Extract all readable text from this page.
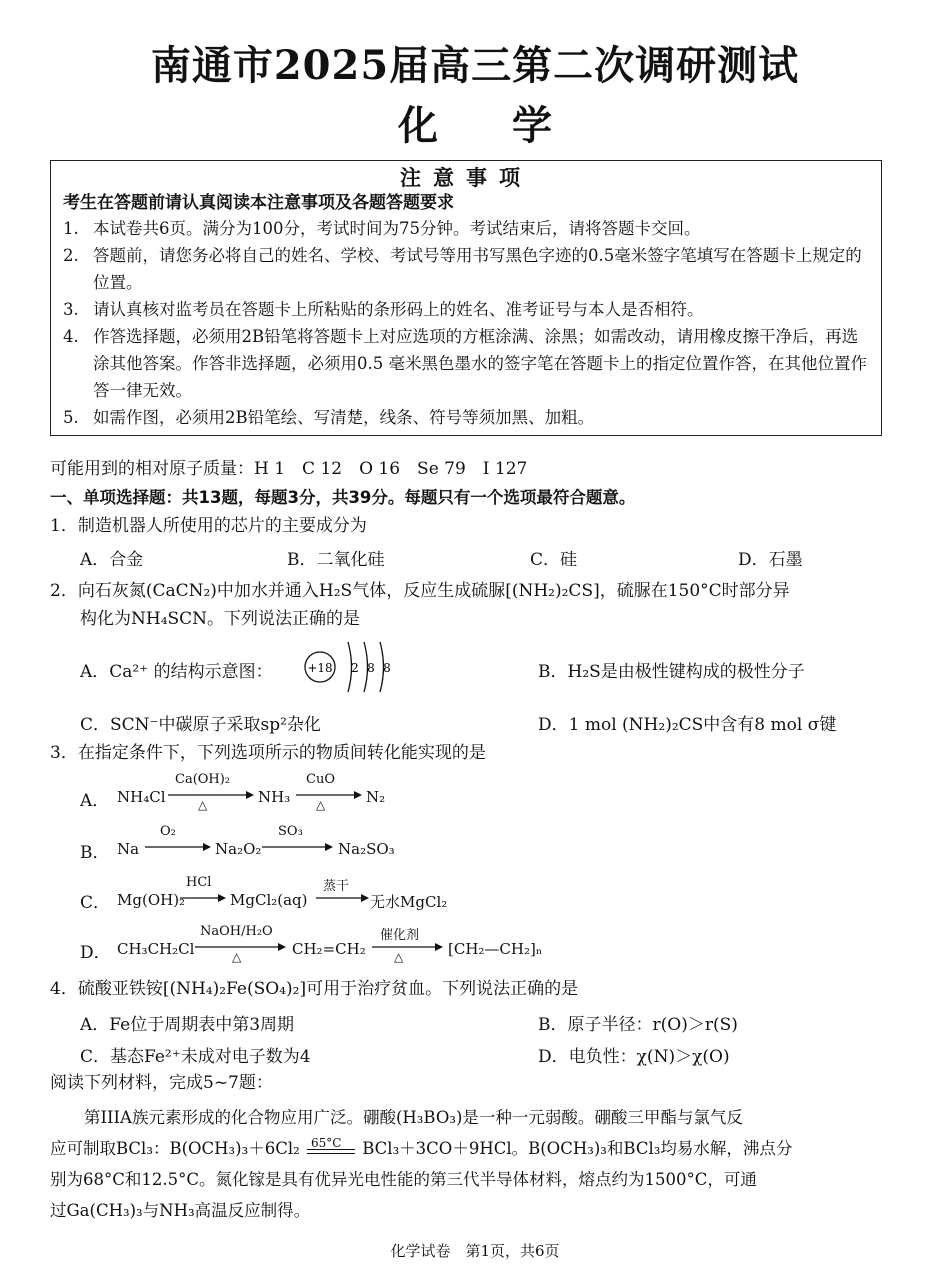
南通市2025届高三第二次调研测试
化 学
注意事项
考生在答题前请认真阅读本注意事项及各题答题要求
1. 本试卷共6页。满分为100分，考试时间为75分钟。考试结束后，请将答题卡交回。
2. 答题前，请您务必将自己的姓名、学校、考试号等用书写黑色字迹的0.5毫米签字笔填写在答题卡上规定的位置。
3. 请认真核对监考员在答题卡上所粘贴的条形码上的姓名、准考证号与本人是否相符。
4. 作答选择题，必须用2B铅笔将答题卡上对应选项的方框涂满、涂黑；如需改动，请用橡皮擦干净后，再选涂其他答案。作答非选择题，必须用0.5 毫米黑色墨水的签字笔在答题卡上的指定位置作答，在其他位置作答一律无效。
5. 如需作图，必须用2B铅笔绘、写清楚，线条、符号等须加黑、加粗。
可能用到的相对原子质量：H 1　C 12　O 16　Se 79　I 127
一、单项选择题：共13题，每题3分，共39分。每题只有一个选项最符合题意。
1．制造机器人所使用的芯片的主要成分为
A．合金	B．二氧化硅	C．硅	D．石墨
2．向石灰氮(CaCN₂)中加水并通入H₂S气体，反应生成硫脲[(NH₂)₂CS]，硫脲在150°C时部分异
构化为NH₄SCN。下列说法正确的是
A．Ca²⁺ 的结构示意图：	+18 2 8 8	B．H₂S是由极性键构成的极性分子
C．SCN⁻中碳原子采取sp²杂化	D．1 mol (NH₂)₂CS中含有8 mol σ键
3．在指定条件下，下列选项所示的物质间转化能实现的是
A． NH₄Cl
Ca(OH)₂
△	NH₃
CuO
△	N₂
B． Na
O₂
Na₂O₂
SO₃
Na₂SO₃
C． Mg(OH)₂
HCl
→ MgCl₂(aq)
蒸干
→ 无水MgCl₂
D． CH₃CH₂Cl
NaOH/H₂O
△	CH₂=CH₂
催化剂
△	[CH₂—CH₂]ₙ
4．硫酸亚铁铵[(NH₄)₂Fe(SO₄)₂]可用于治疗贫血。下列说法正确的是
A．Fe位于周期表中第3周期	B．原子半径：r(O)＞r(S)
C．基态Fe²⁺未成对电子数为4	D．电负性：χ(N)＞χ(O)
阅读下列材料，完成5~7题：
第IIIA族元素形成的化合物应用广泛。硼酸(H₃BO₃)是一种一元弱酸。硼酸三甲酯与氯气反
应可制取BCl₃：B(OCH₃)₃＋6Cl₂ 65°C BCl₃＋3CO＋9HCl。B(OCH₃)₃和BCl₃均易水解，沸点分
别为68°C和12.5°C。氮化镓是具有优异光电性能的第三代半导体材料，熔点约为1500°C，可通
过Ga(CH₃)₃与NH₃高温反应制得。
化学试卷　第1页，共6页
